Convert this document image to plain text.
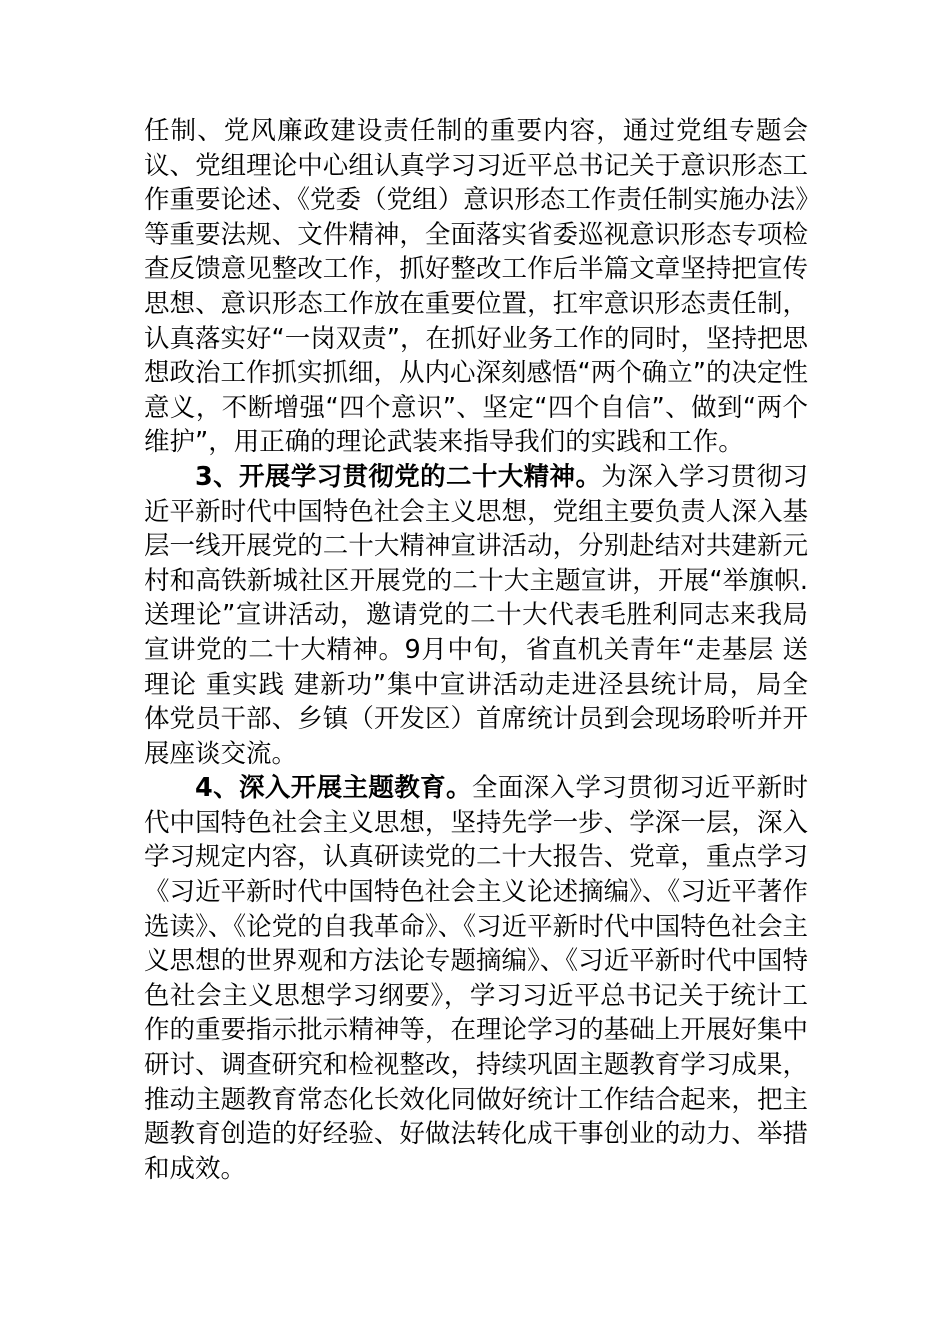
任制、党风廉政建设责任制的重要内容，通过党组专题会议、党组理论中心组认真学习习近平总书记关于意识形态工作重要论述、《党委（党组）意识形态工作责任制实施办法》等重要法规、文件精神，全面落实省委巡视意识形态专项检查反馈意见整改工作，抓好整改工作后半篇文章坚持把宣传思想、意识形态工作放在重要位置，扛牢意识形态责任制，认真落实好“一岗双责”，在抓好业务工作的同时，坚持把思想政治工作抓实抓细，从内心深刻感悟“两个确立”的决定性意义，不断增强“四个意识”、坚定“四个自信”、做到“两个维护”，用正确的理论武装来指导我们的实践和工作。

3、开展学习贯彻党的二十大精神。为深入学习贯彻习近平新时代中国特色社会主义思想，党组主要负责人深入基层一线开展党的二十大精神宣讲活动，分别赴结对共建新元村和高铁新城社区开展党的二十大主题宣讲，开展“举旗帜.送理论”宣讲活动，邀请党的二十大代表毛胜利同志来我局宣讲党的二十大精神。9月中旬，省直机关青年“走基层 送理论 重实践 建新功”集中宣讲活动走进泾县统计局，局全体党员干部、乡镇（开发区）首席统计员到会现场聆听并开展座谈交流。

4、深入开展主题教育。全面深入学习贯彻习近平新时代中国特色社会主义思想，坚持先学一步、学深一层，深入学习规定内容，认真研读党的二十大报告、党章，重点学习《习近平新时代中国特色社会主义论述摘编》、《习近平著作选读》、《论党的自我革命》、《习近平新时代中国特色社会主义思想的世界观和方法论专题摘编》、《习近平新时代中国特色社会主义思想学习纲要》，学习习近平总书记关于统计工作的重要指示批示精神等，在理论学习的基础上开展好集中研讨、调查研究和检视整改，持续巩固主题教育学习成果，推动主题教育常态化长效化同做好统计工作结合起来，把主题教育创造的好经验、好做法转化成干事创业的动力、举措和成效。
